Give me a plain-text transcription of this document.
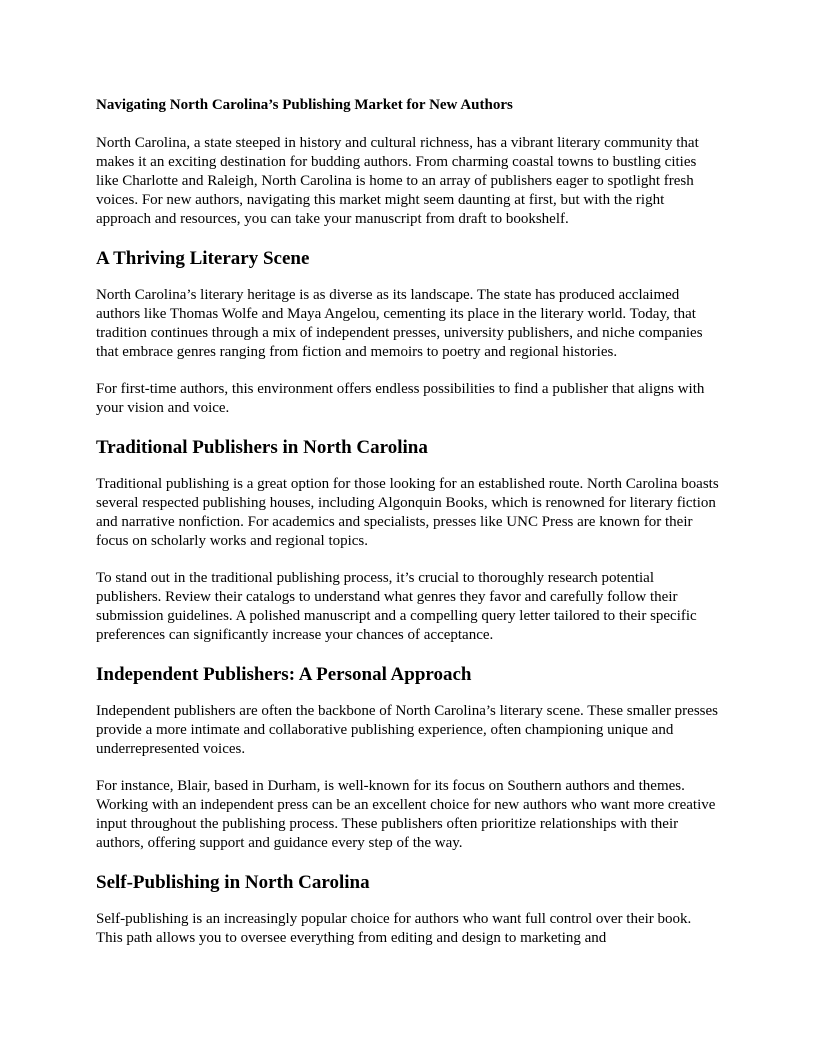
Navigating North Carolina’s Publishing Market for New Authors

North Carolina, a state steeped in history and cultural richness, has a vibrant literary community that makes it an exciting destination for budding authors. From charming coastal towns to bustling cities like Charlotte and Raleigh, North Carolina is home to an array of publishers eager to spotlight fresh voices. For new authors, navigating this market might seem daunting at first, but with the right approach and resources, you can take your manuscript from draft to bookshelf.

A Thriving Literary Scene

North Carolina’s literary heritage is as diverse as its landscape. The state has produced acclaimed authors like Thomas Wolfe and Maya Angelou, cementing its place in the literary world. Today, that tradition continues through a mix of independent presses, university publishers, and niche companies that embrace genres ranging from fiction and memoirs to poetry and regional histories.

For first-time authors, this environment offers endless possibilities to find a publisher that aligns with your vision and voice.

Traditional Publishers in North Carolina

Traditional publishing is a great option for those looking for an established route. North Carolina boasts several respected publishing houses, including Algonquin Books, which is renowned for literary fiction and narrative nonfiction. For academics and specialists, presses like UNC Press are known for their focus on scholarly works and regional topics.

To stand out in the traditional publishing process, it’s crucial to thoroughly research potential publishers. Review their catalogs to understand what genres they favor and carefully follow their submission guidelines. A polished manuscript and a compelling query letter tailored to their specific preferences can significantly increase your chances of acceptance.

Independent Publishers: A Personal Approach

Independent publishers are often the backbone of North Carolina’s literary scene. These smaller presses provide a more intimate and collaborative publishing experience, often championing unique and underrepresented voices.

For instance, Blair, based in Durham, is well-known for its focus on Southern authors and themes. Working with an independent press can be an excellent choice for new authors who want more creative input throughout the publishing process. These publishers often prioritize relationships with their authors, offering support and guidance every step of the way.

Self-Publishing in North Carolina

Self-publishing is an increasingly popular choice for authors who want full control over their book. This path allows you to oversee everything from editing and design to marketing and
